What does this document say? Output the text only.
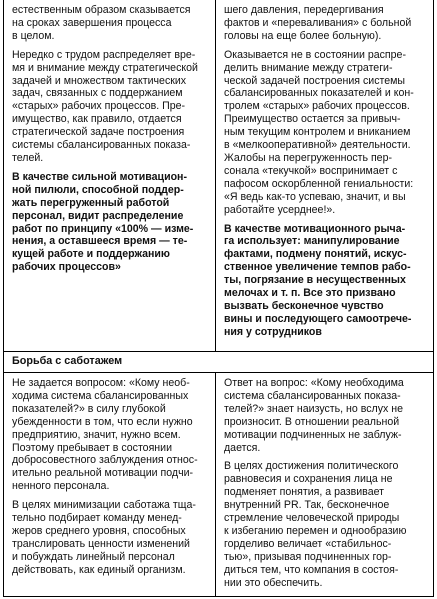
естественным образом сказывается
на сроках завершения процесса
в целом.

Нередко с трудом распределяет вре-
мя и внимание между стратегической
задачей и множеством тактических
задач, связанных с поддержанием
«старых» рабочих процессов. Пре-
имущество, как правило, отдается
стратегической задаче построения
системы сбалансированных показа-
телей.

В качестве сильной мотивацион-
ной пилюли, способной поддер-
жать перегруженный работой
персонал, видит распределение
работ по принципу «100% — изме-
нения, а оставшееся время — те-
кущей работе и поддержанию
рабочих процессов»

шего давления, передергивания
фактов и «переваливания» с больной
головы на еще более больную).

Оказывается не в состоянии распре-
делить внимание между стратеги-
ческой задачей построения системы
сбалансированных показателей и кон-
тролем «старых» рабочих процессов.
Преимущество остается за привыч-
ным текущим контролем и вниканием
в «мелкооперативной» деятельности.
Жалобы на перегруженность пер-
сонала «текучкой» воспринимает с
пафосом оскорбленной гениальности:
«Я ведь как-то успеваю, значит, и вы
работайте усерднее!».

В качестве мотивационного рыча-
га использует: манипулирование
фактами, подмену понятий, искус-
ственное увеличение темпов рабо-
ты, погрязание в несущественных
мелочах и т. п. Все это призвано
вызвать бесконечное чувство
вины и последующего самоотрече-
ния у сотрудников

Борьба с саботажем

Не задается вопросом: «Кому необ-
ходима система сбалансированных
показателей?» в силу глубокой
убежденности в том, что если нужно
предприятию, значит, нужно всем.
Поэтому пребывает в состоянии
добросовестного заблуждения относ-
ительно реальной мотивации подчи-
ненного персонала.

В целях минимизации саботажа тща-
тельно подбирает команду менед-
жеров среднего уровня, способных
транслировать ценности изменений
и побуждать линейный персонал
действовать, как единый организм.

Ответ на вопрос: «Кому необходима
система сбалансированных показа-
телей?» знает наизусть, но вслух не
произносит. В отношении реальной
мотивации подчиненных не заблуж-
дается.

В целях достижения политического
равновесия и сохранения лица не
подменяет понятия, а развивает
внутренний PR. Так, бесконечное
стремление человеческой природы
к избеганию перемен и однообразию
горделиво величает «стабильнос-
тью», призывая подчиненных гор-
диться тем, что компания в состоя-
нии это обеспечить.
